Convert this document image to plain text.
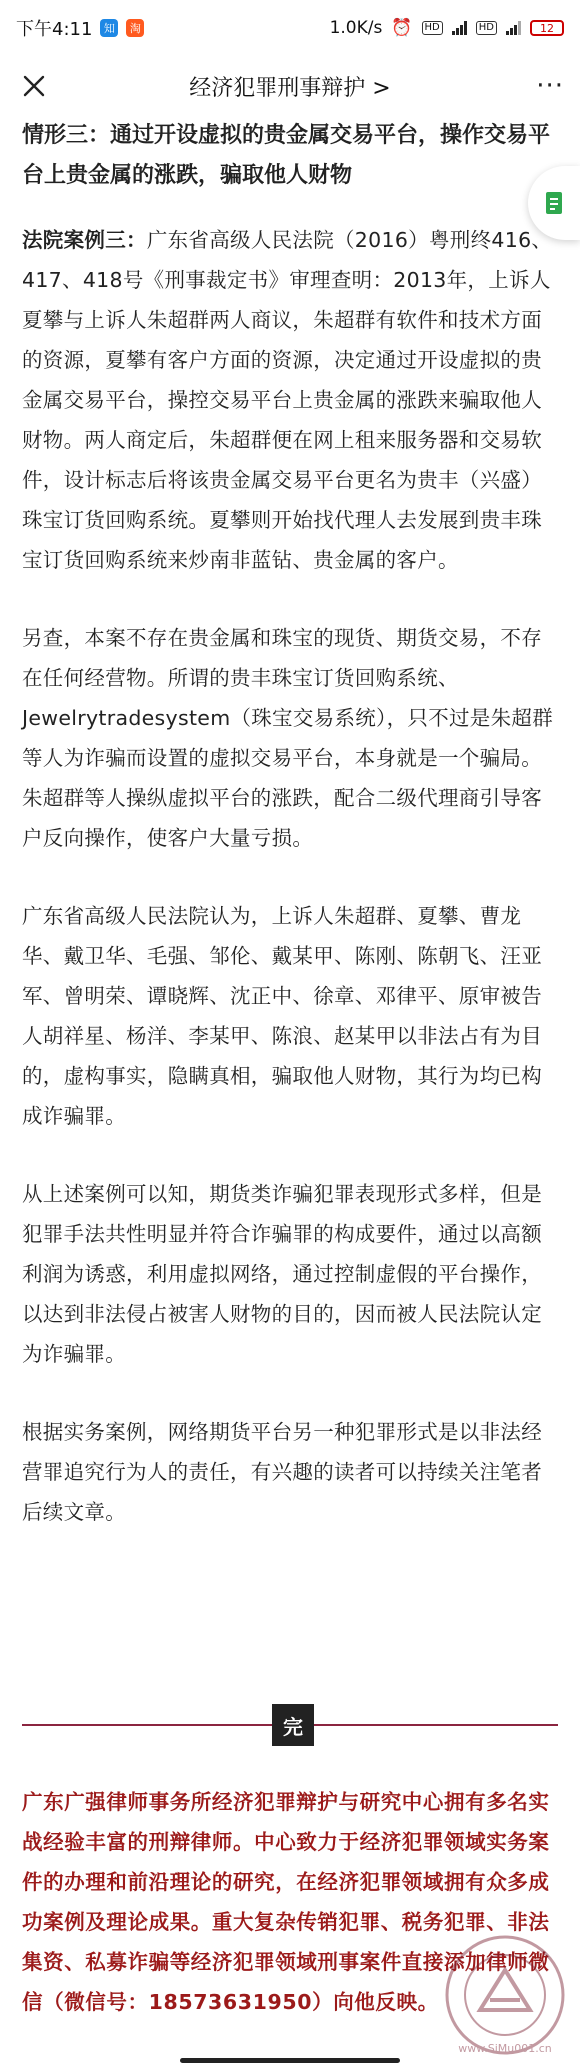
下午4:11	知	淘	1.0K/s ⏰	HD	HD	12
经济犯罪刑事辩护 >	···
情形三：通过开设虚拟的贵金属交易平台，操作交易平台上贵金属的涨跌，骗取他人财物
法院案例三：广东省高级人民法院（2016）粤刑终416、417、418号《刑事裁定书》审理查明：2013年，上诉人夏攀与上诉人朱超群两人商议，朱超群有软件和技术方面的资源，夏攀有客户方面的资源，决定通过开设虚拟的贵金属交易平台，操控交易平台上贵金属的涨跌来骗取他人财物。两人商定后，朱超群便在网上租来服务器和交易软件，设计标志后将该贵金属交易平台更名为贵丰（兴盛）珠宝订货回购系统。夏攀则开始找代理人去发展到贵丰珠宝订货回购系统来炒南非蓝钻、贵金属的客户。
另查，本案不存在贵金属和珠宝的现货、期货交易，不存在任何经营物。所谓的贵丰珠宝订货回购系统、Jewelrytradesystem（珠宝交易系统），只不过是朱超群等人为诈骗而设置的虚拟交易平台，本身就是一个骗局。朱超群等人操纵虚拟平台的涨跌，配合二级代理商引导客户反向操作，使客户大量亏损。
广东省高级人民法院认为，上诉人朱超群、夏攀、曹龙华、戴卫华、毛强、邹伦、戴某甲、陈刚、陈朝飞、汪亚军、曾明荣、谭晓辉、沈正中、徐章、邓律平、原审被告人胡祥星、杨洋、李某甲、陈浪、赵某甲以非法占有为目的，虚构事实，隐瞒真相，骗取他人财物，其行为均已构成诈骗罪。
从上述案例可以知，期货类诈骗犯罪表现形式多样，但是犯罪手法共性明显并符合诈骗罪的构成要件，通过以高额利润为诱惑，利用虚拟网络，通过控制虚假的平台操作，以达到非法侵占被害人财物的目的，因而被人民法院认定为诈骗罪。
根据实务案例，网络期货平台另一种犯罪形式是以非法经营罪追究行为人的责任，有兴趣的读者可以持续关注笔者后续文章。
完
广东广强律师事务所经济犯罪辩护与研究中心拥有多名实战经验丰富的刑辩律师。中心致力于经济犯罪领域实务案件的办理和前沿理论的研究，在经济犯罪领域拥有众多成功案例及理论成果。重大复杂传销犯罪、税务犯罪、非法集资、私募诈骗等经济犯罪领域刑事案件直接添加律师微信（微信号：18573631950）向他反映。
www.SiMu001.cn
